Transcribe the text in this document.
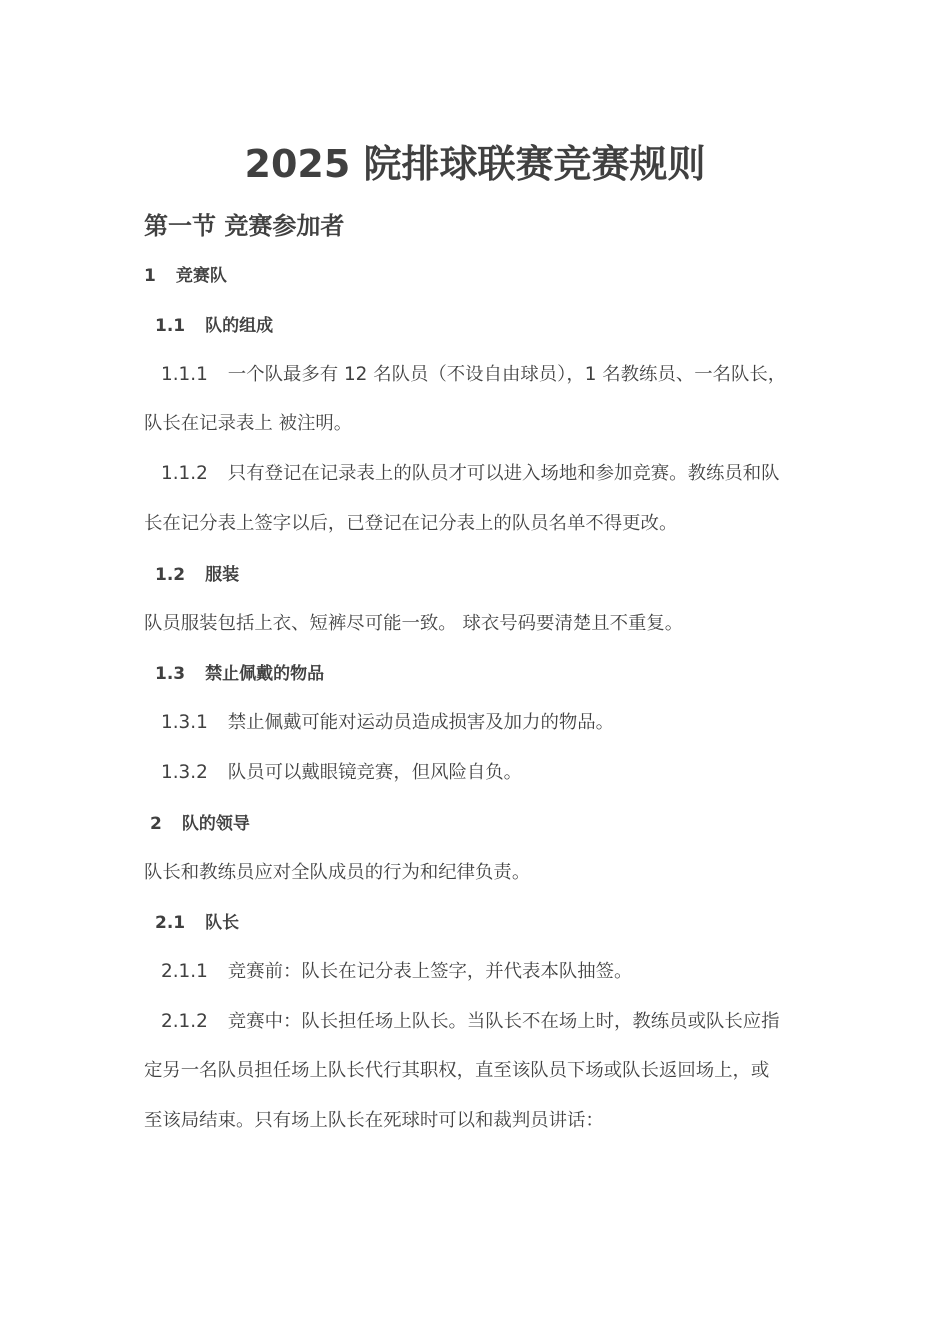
2025 院排球联赛竞赛规则
第一节 竞赛参加者
1 竞赛队
1.1 队的组成
1.1.1 一个队最多有 12 名队员（不设自由球员），1 名教练员、一名队长，
队长在记录表上 被注明。
1.1.2 只有登记在记录表上的队员才可以进入场地和参加竞赛。教练员和队
长在记分表上签字以后，已登记在记分表上的队员名单不得更改。
1.2 服装
队员服装包括上衣、短裤尽可能一致。 球衣号码要清楚且不重复。
1.3 禁止佩戴的物品
1.3.1 禁止佩戴可能对运动员造成损害及加力的物品。
1.3.2 队员可以戴眼镜竞赛，但风险自负。
2 队的领导
队长和教练员应对全队成员的行为和纪律负责。
2.1 队长
2.1.1 竞赛前：队长在记分表上签字，并代表本队抽签。
2.1.2 竞赛中：队长担任场上队长。当队长不在场上时，教练员或队长应指
定另一名队员担任场上队长代行其职权，直至该队员下场或队长返回场上，或
至该局结束。只有场上队长在死球时可以和裁判员讲话：
